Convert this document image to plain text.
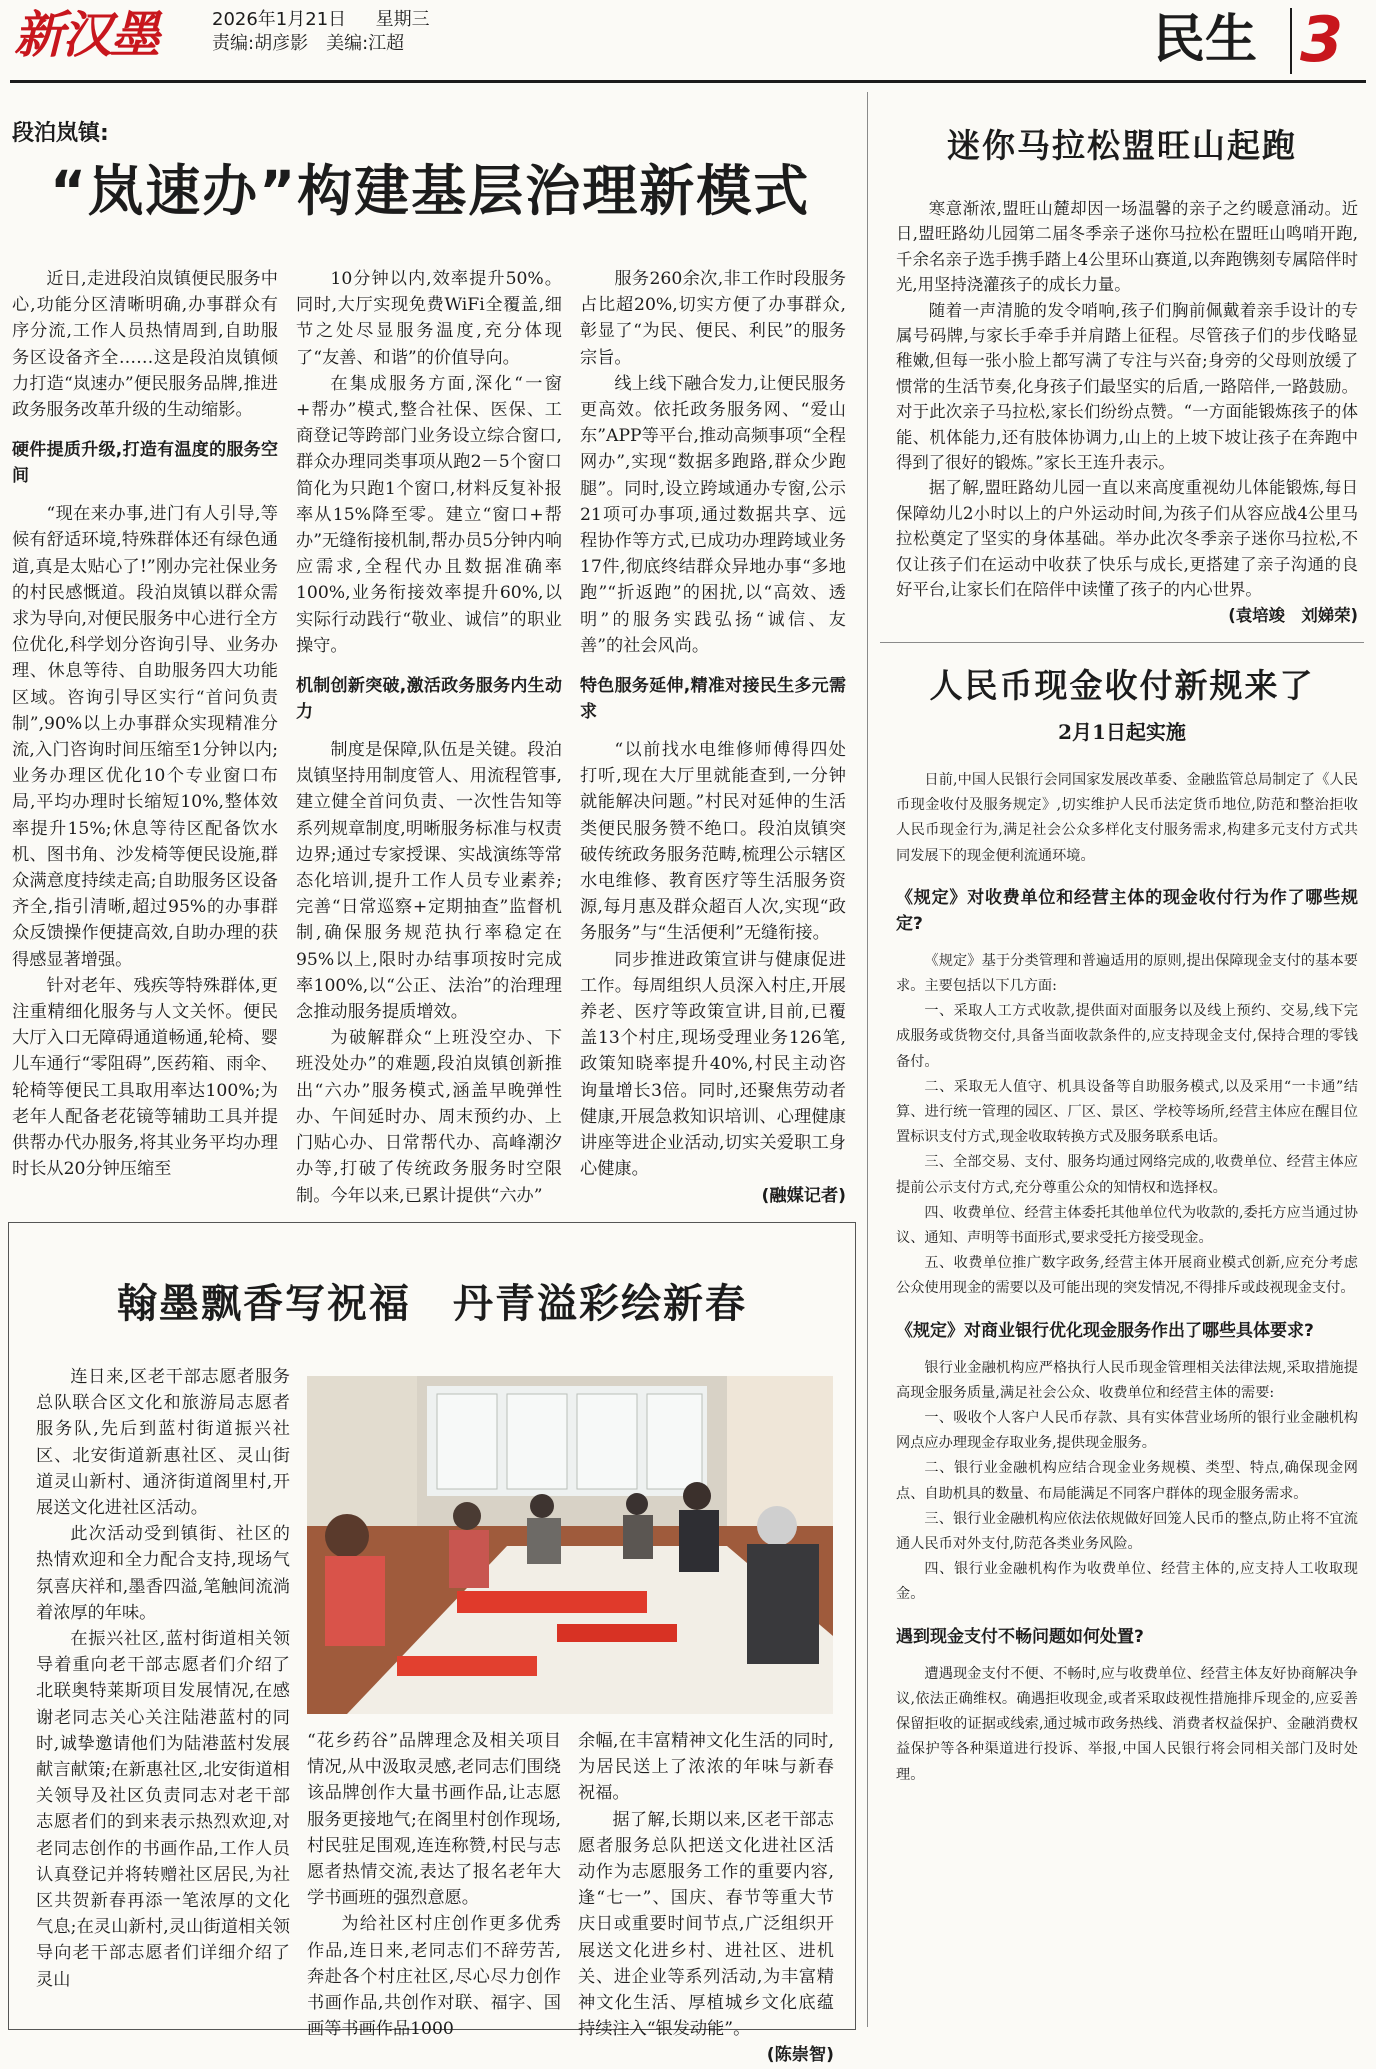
新汉墨	2026年1月21日 星期三
责编:胡彦影　美编:江超	民生 3
段泊岚镇:
“岚速办”构建基层治理新模式

近日,走进段泊岚镇便民服务中心,功能分区清晰明确,办事群众有序分流,工作人员热情周到,自助服务区设备齐全……这是段泊岚镇倾力打造“岚速办”便民服务品牌,推进政务服务改革升级的生动缩影。

硬件提质升级,打造有温度的服务空间

“现在来办事,进门有人引导,等候有舒适环境,特殊群体还有绿色通道,真是太贴心了!”刚办完社保业务的村民感慨道。段泊岚镇以群众需求为导向,对便民服务中心进行全方位优化,科学划分咨询引导、业务办理、休息等待、自助服务四大功能区域。咨询引导区实行“首问负责制”,90%以上办事群众实现精准分流,入门咨询时间压缩至1分钟以内;业务办理区优化10个专业窗口布局,平均办理时长缩短10%,整体效率提升15%;休息等待区配备饮水机、图书角、沙发椅等便民设施,群众满意度持续走高;自助服务区设备齐全,指引清晰,超过95%的办事群众反馈操作便捷高效,自助办理的获得感显著增强。

针对老年、残疾等特殊群体,更注重精细化服务与人文关怀。便民大厅入口无障碍通道畅通,轮椅、婴儿车通行“零阻碍”,医药箱、雨伞、轮椅等便民工具取用率达100%;为老年人配备老花镜等辅助工具并提供帮办代办服务,将其业务平均办理时长从20分钟压缩至

10分钟以内,效率提升50%。同时,大厅实现免费WiFi全覆盖,细节之处尽显服务温度,充分体现了“友善、和谐”的价值导向。

在集成服务方面,深化“一窗+帮办”模式,整合社保、医保、工商登记等跨部门业务设立综合窗口,群众办理同类事项从跑2－5个窗口简化为只跑1个窗口,材料反复补报率从15%降至零。建立“窗口+帮办”无缝衔接机制,帮办员5分钟内响应需求,全程代办且数据准确率100%,业务衔接效率提升60%,以实际行动践行“敬业、诚信”的职业操守。

机制创新突破,激活政务服务内生动力

制度是保障,队伍是关键。段泊岚镇坚持用制度管人、用流程管事,建立健全首问负责、一次性告知等系列规章制度,明晰服务标准与权责边界;通过专家授课、实战演练等常态化培训,提升工作人员专业素养;完善“日常巡察+定期抽查”监督机制,确保服务规范执行率稳定在95%以上,限时办结事项按时完成率100%,以“公正、法治”的治理理念推动服务提质增效。

为破解群众“上班没空办、下班没处办”的难题,段泊岚镇创新推出“六办”服务模式,涵盖早晚弹性办、午间延时办、周末预约办、上门贴心办、日常帮代办、高峰潮汐办等,打破了传统政务服务时空限制。今年以来,已累计提供“六办”

服务260余次,非工作时段服务占比超20%,切实方便了办事群众,彰显了“为民、便民、利民”的服务宗旨。

线上线下融合发力,让便民服务更高效。依托政务服务网、“爱山东”APP等平台,推动高频事项“全程网办”,实现“数据多跑路,群众少跑腿”。同时,设立跨域通办专窗,公示21项可办事项,通过数据共享、远程协作等方式,已成功办理跨域业务17件,彻底终结群众异地办事“多地跑”“折返跑”的困扰,以“高效、透明”的服务实践弘扬“诚信、友善”的社会风尚。

特色服务延伸,精准对接民生多元需求

“以前找水电维修师傅得四处打听,现在大厅里就能查到,一分钟就能解决问题。”村民对延伸的生活类便民服务赞不绝口。段泊岚镇突破传统政务服务范畴,梳理公示辖区水电维修、教育医疗等生活服务资源,每月惠及群众超百人次,实现“政务服务”与“生活便利”无缝衔接。

同步推进政策宣讲与健康促进工作。每周组织人员深入村庄,开展养老、医疗等政策宣讲,目前,已覆盖13个村庄,现场受理业务126笔,政策知晓率提升40%,村民主动咨询量增长3倍。同时,还聚焦劳动者健康,开展急救知识培训、心理健康讲座等进企业活动,切实关爱职工身心健康。

(融媒记者)

翰墨飘香写祝福　丹青溢彩绘新春

连日来,区老干部志愿者服务总队联合区文化和旅游局志愿者服务队,先后到蓝村街道振兴社区、北安街道新惠社区、灵山街道灵山新村、通济街道阁里村,开展送文化进社区活动。

此次活动受到镇街、社区的热情欢迎和全力配合支持,现场气氛喜庆祥和,墨香四溢,笔触间流淌着浓厚的年味。

在振兴社区,蓝村街道相关领导着重向老干部志愿者们介绍了北联奥特莱斯项目发展情况,在感谢老同志关心关注陆港蓝村的同时,诚挚邀请他们为陆港蓝村发展献言献策;在新惠社区,北安街道相关领导及社区负责同志对老干部志愿者们的到来表示热烈欢迎,对老同志创作的书画作品,工作人员认真登记并将转赠社区居民,为社区共贺新春再添一笔浓厚的文化气息;在灵山新村,灵山街道相关领导向老干部志愿者们详细介绍了灵山

“花乡药谷”品牌理念及相关项目情况,从中汲取灵感,老同志们围绕该品牌创作大量书画作品,让志愿服务更接地气;在阁里村创作现场,村民驻足围观,连连称赞,村民与志愿者热情交流,表达了报名老年大学书画班的强烈意愿。

为给社区村庄创作更多优秀作品,连日来,老同志们不辞劳苦,奔赴各个村庄社区,尽心尽力创作书画作品,共创作对联、福字、国画等书画作品1000

余幅,在丰富精神文化生活的同时,为居民送上了浓浓的年味与新春祝福。

据了解,长期以来,区老干部志愿者服务总队把送文化进社区活动作为志愿服务工作的重要内容,逢“七一”、国庆、春节等重大节庆日或重要时间节点,广泛组织开展送文化进乡村、进社区、进机关、进企业等系列活动,为丰富精神文化生活、厚植城乡文化底蕴持续注入“银发动能”。

(陈崇智)

迷你马拉松盟旺山起跑

寒意渐浓,盟旺山麓却因一场温馨的亲子之约暖意涌动。近日,盟旺路幼儿园第二届冬季亲子迷你马拉松在盟旺山鸣哨开跑,千余名亲子选手携手踏上4公里环山赛道,以奔跑镌刻专属陪伴时光,用坚持浇灌孩子的成长力量。

随着一声清脆的发令哨响,孩子们胸前佩戴着亲手设计的专属号码牌,与家长手牵手并肩踏上征程。尽管孩子们的步伐略显稚嫩,但每一张小脸上都写满了专注与兴奋;身旁的父母则放缓了惯常的生活节奏,化身孩子们最坚实的后盾,一路陪伴,一路鼓励。对于此次亲子马拉松,家长们纷纷点赞。“一方面能锻炼孩子的体能、机体能力,还有肢体协调力,山上的上坡下坡让孩子在奔跑中得到了很好的锻炼。”家长王连升表示。

据了解,盟旺路幼儿园一直以来高度重视幼儿体能锻炼,每日保障幼儿2小时以上的户外运动时间,为孩子们从容应战4公里马拉松奠定了坚实的身体基础。举办此次冬季亲子迷你马拉松,不仅让孩子们在运动中收获了快乐与成长,更搭建了亲子沟通的良好平台,让家长们在陪伴中读懂了孩子的内心世界。

(袁培竣　刘娣荣)

人民币现金收付新规来了
2月1日起实施

日前,中国人民银行会同国家发展改革委、金融监管总局制定了《人民币现金收付及服务规定》,切实维护人民币法定货币地位,防范和整治拒收人民币现金行为,满足社会公众多样化支付服务需求,构建多元支付方式共同发展下的现金便利流通环境。

《规定》对收费单位和经营主体的现金收付行为作了哪些规定?

《规定》基于分类管理和普遍适用的原则,提出保障现金支付的基本要求。主要包括以下几方面:

一、采取人工方式收款,提供面对面服务以及线上预约、交易,线下完成服务或货物交付,具备当面收款条件的,应支持现金支付,保持合理的零钱备付。

二、采取无人值守、机具设备等自助服务模式,以及采用“一卡通”结算、进行统一管理的园区、厂区、景区、学校等场所,经营主体应在醒目位置标识支付方式,现金收取转换方式及服务联系电话。

三、全部交易、支付、服务均通过网络完成的,收费单位、经营主体应提前公示支付方式,充分尊重公众的知情权和选择权。

四、收费单位、经营主体委托其他单位代为收款的,委托方应当通过协议、通知、声明等书面形式,要求受托方接受现金。

五、收费单位推广数字政务,经营主体开展商业模式创新,应充分考虑公众使用现金的需要以及可能出现的突发情况,不得排斥或歧视现金支付。

《规定》对商业银行优化现金服务作出了哪些具体要求?

银行业金融机构应严格执行人民币现金管理相关法律法规,采取措施提高现金服务质量,满足社会公众、收费单位和经营主体的需要:

一、吸收个人客户人民币存款、具有实体营业场所的银行业金融机构网点应办理现金存取业务,提供现金服务。

二、银行业金融机构应结合现金业务规模、类型、特点,确保现金网点、自助机具的数量、布局能满足不同客户群体的现金服务需求。

三、银行业金融机构应依法依规做好回笼人民币的整点,防止将不宜流通人民币对外支付,防范各类业务风险。

四、银行业金融机构作为收费单位、经营主体的,应支持人工收取现金。

遇到现金支付不畅问题如何处置?

遭遇现金支付不便、不畅时,应与收费单位、经营主体友好协商解决争议,依法正确维权。确遇拒收现金,或者采取歧视性措施排斥现金的,应妥善保留拒收的证据或线索,通过城市政务热线、消费者权益保护、金融消费权益保护等各种渠道进行投诉、举报,中国人民银行将会同相关部门及时处理。
